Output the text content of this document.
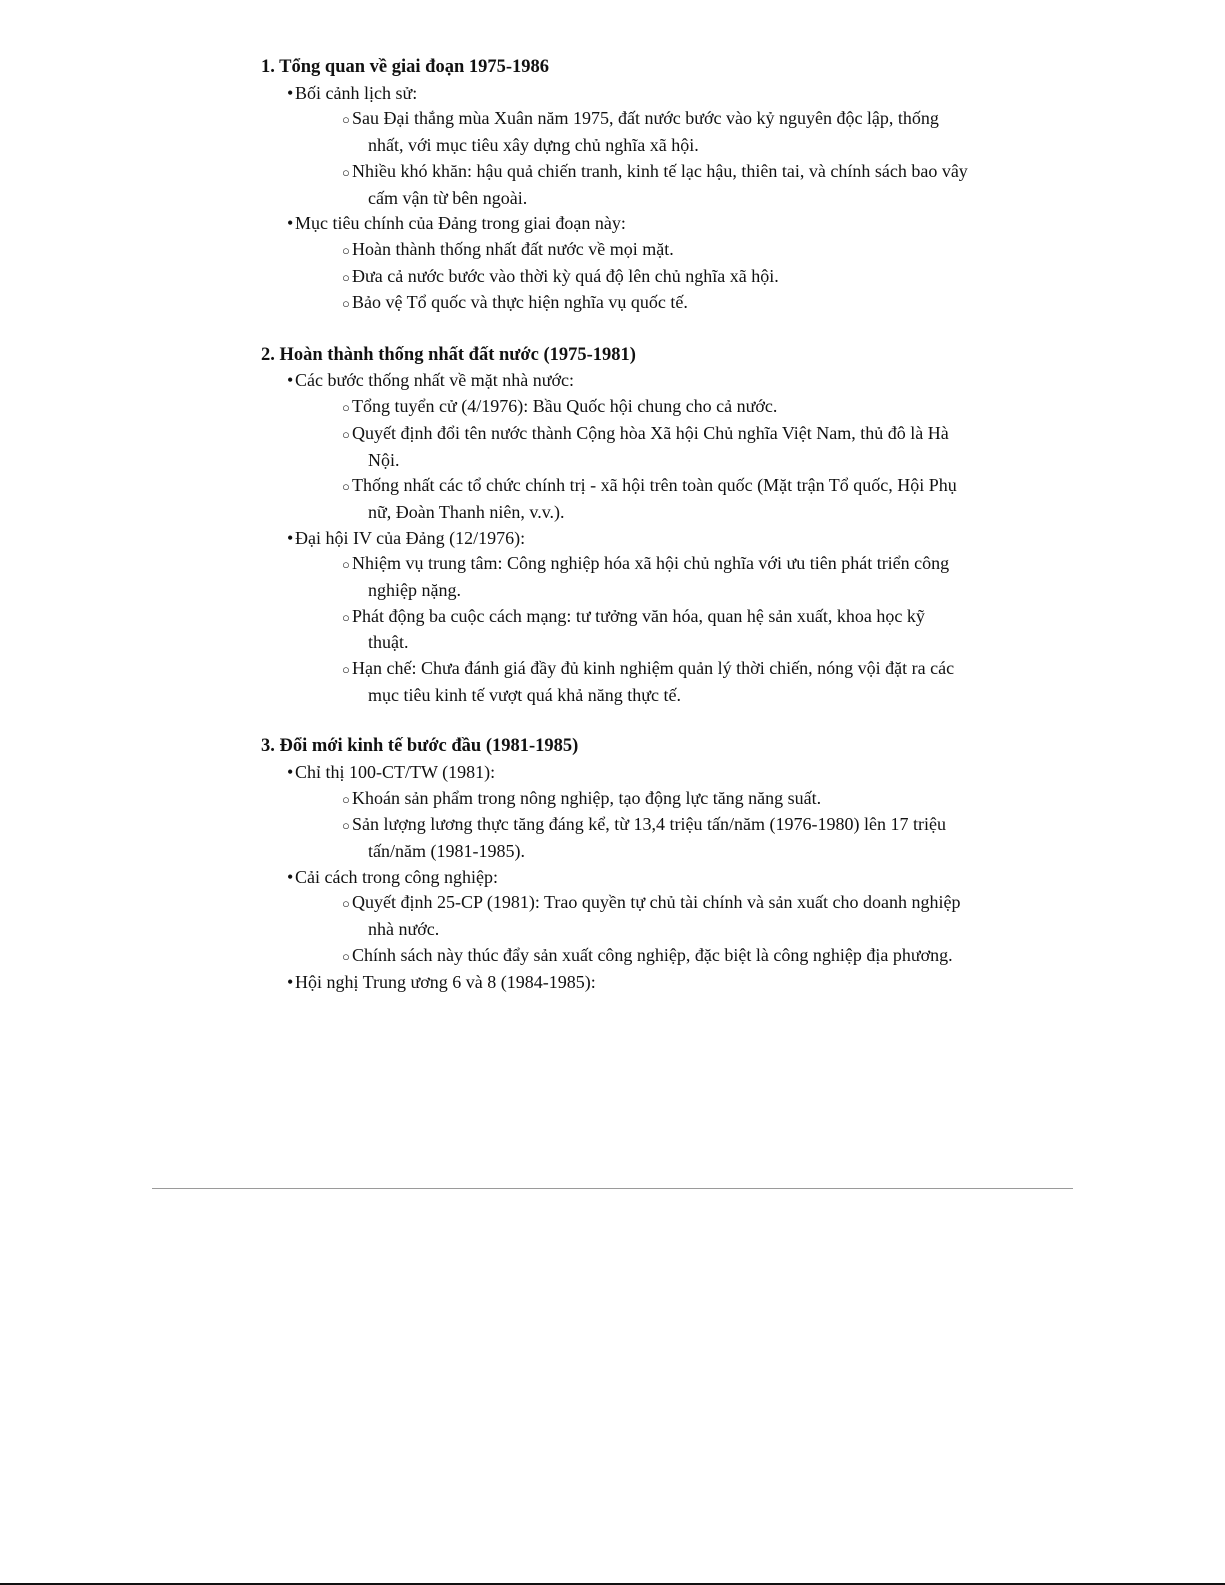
1. Tổng quan về giai đoạn 1975-1986
•Bối cảnh lịch sử:
○ Sau Đại thắng mùa Xuân năm 1975, đất nước bước vào kỷ nguyên độc lập, thống nhất, với mục tiêu xây dựng chủ nghĩa xã hội.
○ Nhiều khó khăn: hậu quả chiến tranh, kinh tế lạc hậu, thiên tai, và chính sách bao vây cấm vận từ bên ngoài.
•Mục tiêu chính của Đảng trong giai đoạn này:
○ Hoàn thành thống nhất đất nước về mọi mặt.
○ Đưa cả nước bước vào thời kỳ quá độ lên chủ nghĩa xã hội.
○ Bảo vệ Tổ quốc và thực hiện nghĩa vụ quốc tế.
2. Hoàn thành thống nhất đất nước (1975-1981)
•Các bước thống nhất về mặt nhà nước:
○ Tổng tuyển cử (4/1976): Bầu Quốc hội chung cho cả nước.
○ Quyết định đổi tên nước thành Cộng hòa Xã hội Chủ nghĩa Việt Nam, thủ đô là Hà Nội.
○ Thống nhất các tổ chức chính trị - xã hội trên toàn quốc (Mặt trận Tổ quốc, Hội Phụ nữ, Đoàn Thanh niên, v.v.).
•Đại hội IV của Đảng (12/1976):
○ Nhiệm vụ trung tâm: Công nghiệp hóa xã hội chủ nghĩa với ưu tiên phát triển công nghiệp nặng.
○ Phát động ba cuộc cách mạng: tư tưởng văn hóa, quan hệ sản xuất, khoa học kỹ thuật.
○ Hạn chế: Chưa đánh giá đầy đủ kinh nghiệm quản lý thời chiến, nóng vội đặt ra các mục tiêu kinh tế vượt quá khả năng thực tế.
3. Đổi mới kinh tế bước đầu (1981-1985)
•Chỉ thị 100-CT/TW (1981):
○ Khoán sản phẩm trong nông nghiệp, tạo động lực tăng năng suất.
○ Sản lượng lương thực tăng đáng kể, từ 13,4 triệu tấn/năm (1976-1980) lên 17 triệu tấn/năm (1981-1985).
•Cải cách trong công nghiệp:
○ Quyết định 25-CP (1981): Trao quyền tự chủ tài chính và sản xuất cho doanh nghiệp nhà nước.
○ Chính sách này thúc đẩy sản xuất công nghiệp, đặc biệt là công nghiệp địa phương.
•Hội nghị Trung ương 6 và 8 (1984-1985):
